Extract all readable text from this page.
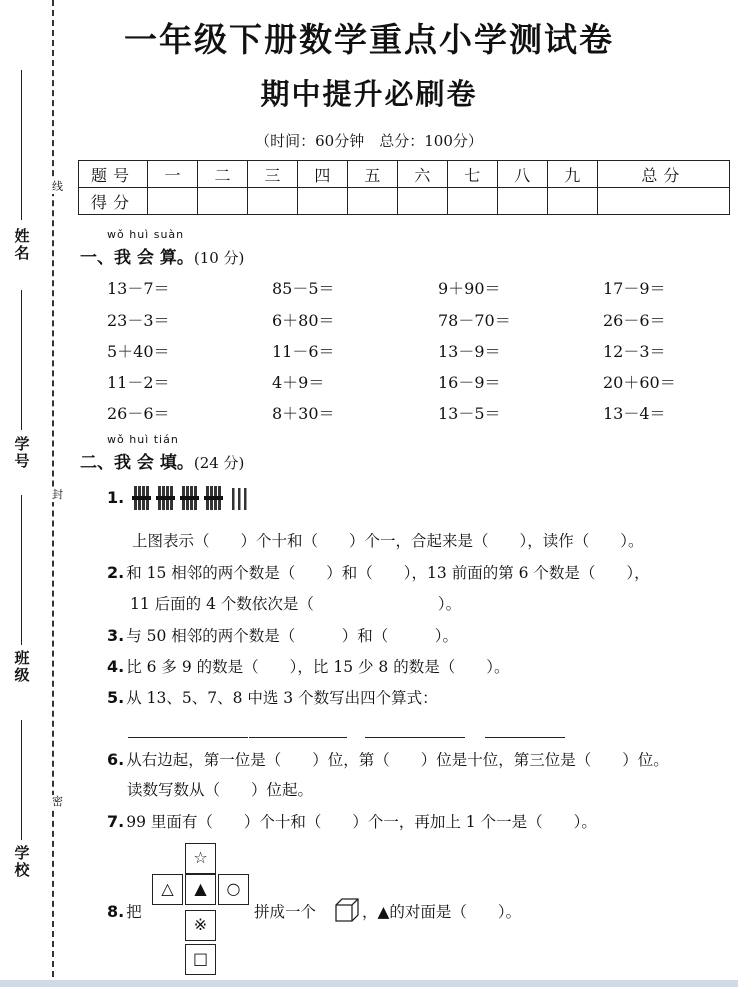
姓
名
学
号
班
级
学
校
线
封
密
一年级下册数学重点小学测试卷
期中提升必刷卷
（时间：60分钟　总分：100分）
题号	一	二	三	四	五	六	七	八	九	总分
得分										
wǒ huì suàn
一、我 会 算。(10 分)
13－7＝	85－5＝	9＋90＝	17－9＝
23－3＝	6＋80＝	78－70＝	26－6＝
5＋40＝	11－6＝	13－9＝	12－3＝
11－2＝	4＋9＝	16－9＝	20＋60＝
26－6＝	8＋30＝	13－5＝	13－4＝
wǒ huì tián
二、我 会 填。(24 分)
1.
上图表示（　　）个十和（　　）个一，合起来是（　　），读作（　　）。
2. 和 15 相邻的两个数是（　　）和（　　），13 前面的第 6 个数是（　　），
11 后面的 4 个数依次是（　　　　　　　　）。
3. 与 50 相邻的两个数是（　　　）和（　　　）。
4. 比 6 多 9 的数是（　　），比 15 少 8 的数是（　　）。
5. 从 13、5、7、8 中选 3 个数写出四个算式：
6. 从右边起，第一位是（　　）位，第（　　）位是十位，第三位是（　　）位。
读数写数从（　　）位起。
7. 99 里面有（　　）个十和（　　）个一，再加上 1 个一是（　　）。
8. 把
☆
△	▲	○
※
□
拼成一个	，▲的对面是（　　）。
